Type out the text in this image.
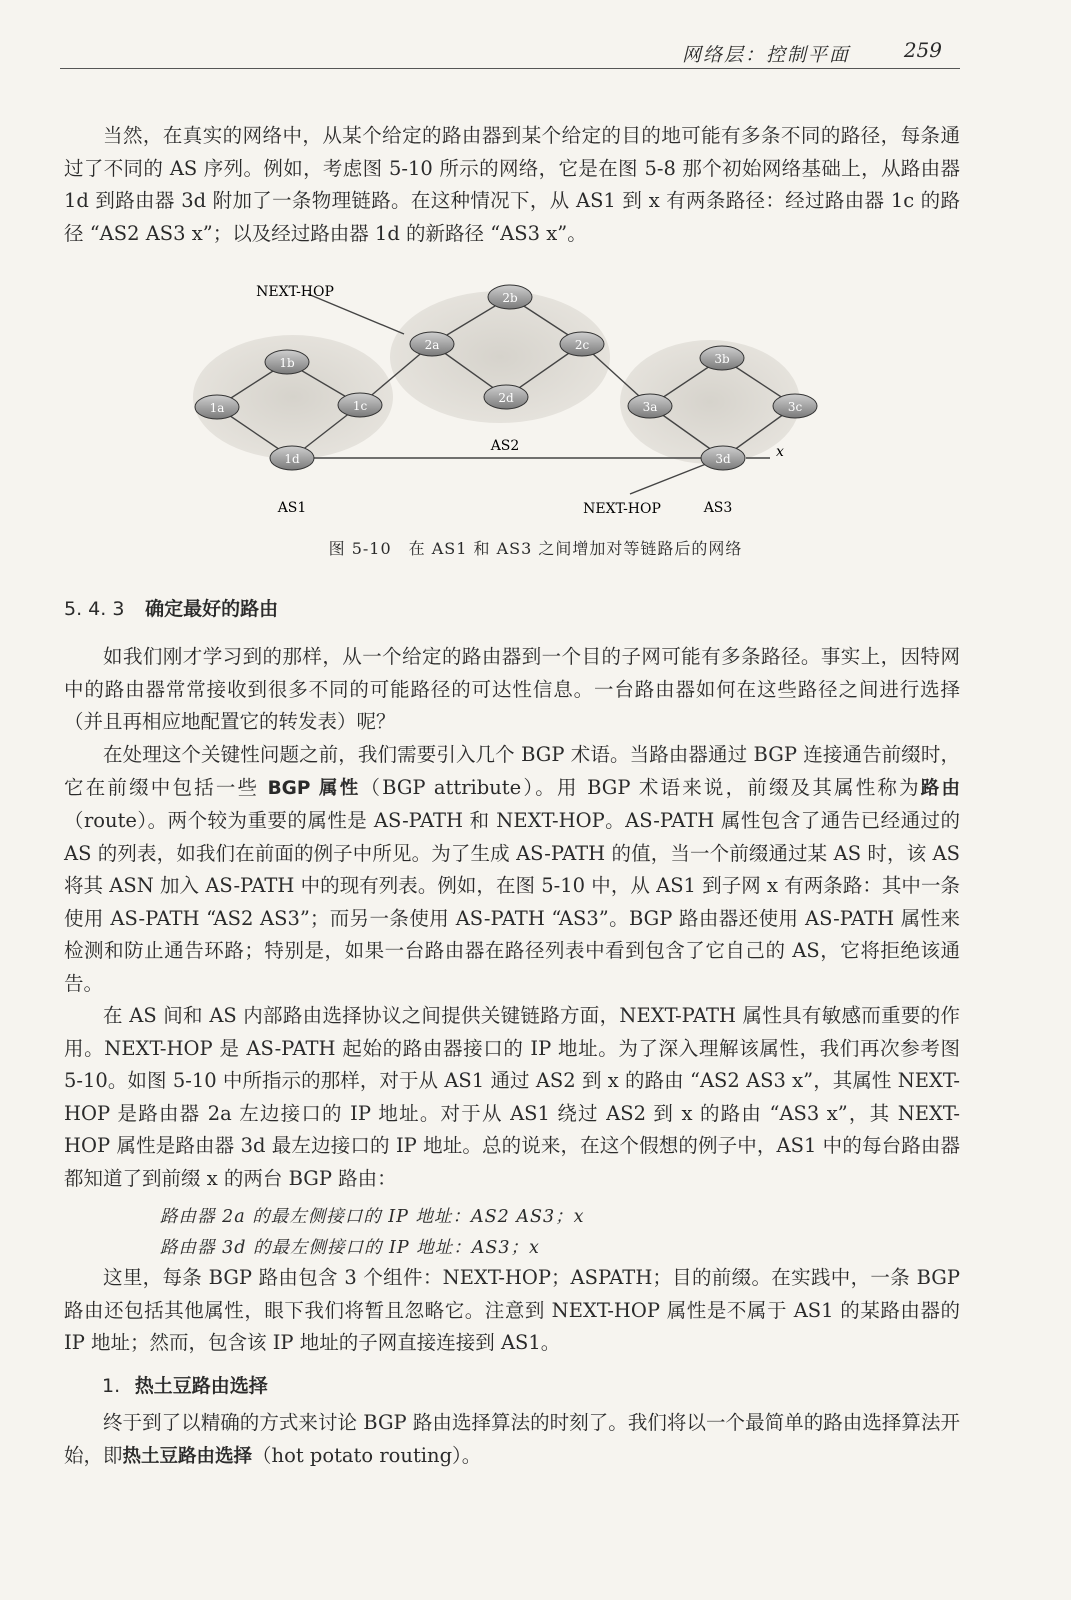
网络层：控制平面	259

当然，在真实的网络中，从某个给定的路由器到某个给定的目的地可能有多条不同的路径，每条通过了不同的 AS 序列。例如，考虑图 5-10 所示的网络，它是在图 5-8 那个初始网络基础上，从路由器 1d 到路由器 3d 附加了一条物理链路。在这种情况下，从 AS1 到 x 有两条路径：经过路由器 1c 的路径 “AS2 AS3 x”；以及经过路由器 1d 的新路径 “AS3 x”。

1a
1b
1c
1d
2a
2b
2c
2d
3a
3b
3c
3d
NEXT-HOP
NEXT-HOP
AS1
AS2
AS3
x
图 5-10　在 AS1 和 AS3 之间增加对等链路后的网络
5. 4. 3 确定最好的路由

如我们刚才学习到的那样，从一个给定的路由器到一个目的子网可能有多条路径。事实上，因特网中的路由器常常接收到很多不同的可能路径的可达性信息。一台路由器如何在这些路径之间进行选择（并且再相应地配置它的转发表）呢？

在处理这个关键性问题之前，我们需要引入几个 BGP 术语。当路由器通过 BGP 连接通告前缀时，它在前缀中包括一些 BGP 属性（BGP attribute）。用 BGP 术语来说，前缀及其属性称为路由（route）。两个较为重要的属性是 AS-PATH 和 NEXT-HOP。AS-PATH 属性包含了通告已经通过的 AS 的列表，如我们在前面的例子中所见。为了生成 AS-PATH 的值，当一个前缀通过某 AS 时，该 AS 将其 ASN 加入 AS-PATH 中的现有列表。例如，在图 5-10 中，从 AS1 到子网 x 有两条路：其中一条使用 AS-PATH “AS2 AS3”；而另一条使用 AS-PATH “AS3”。BGP 路由器还使用 AS-PATH 属性来检测和防止通告环路；特别是，如果一台路由器在路径列表中看到包含了它自己的 AS，它将拒绝该通告。

在 AS 间和 AS 内部路由选择协议之间提供关键链路方面，NEXT-PATH 属性具有敏感而重要的作用。NEXT-HOP 是 AS-PATH 起始的路由器接口的 IP 地址。为了深入理解该属性，我们再次参考图 5-10。如图 5-10 中所指示的那样，对于从 AS1 通过 AS2 到 x 的路由 “AS2 AS3 x”，其属性 NEXT-HOP 是路由器 2a 左边接口的 IP 地址。对于从 AS1 绕过 AS2 到 x 的路由 “AS3 x”，其 NEXT-HOP 属性是路由器 3d 最左边接口的 IP 地址。总的说来，在这个假想的例子中，AS1 中的每台路由器都知道了到前缀 x 的两台 BGP 路由：

路由器 2a 的最左侧接口的 IP 地址：AS2 AS3；x
路由器 3d 的最左侧接口的 IP 地址：AS3；x

这里，每条 BGP 路由包含 3 个组件：NEXT-HOP；ASPATH；目的前缀。在实践中，一条 BGP 路由还包括其他属性，眼下我们将暂且忽略它。注意到 NEXT-HOP 属性是不属于 AS1 的某路由器的 IP 地址；然而，包含该 IP 地址的子网直接连接到 AS1。

1. 热土豆路由选择

终于到了以精确的方式来讨论 BGP 路由选择算法的时刻了。我们将以一个最简单的路由选择算法开始，即热土豆路由选择（hot potato routing）。
